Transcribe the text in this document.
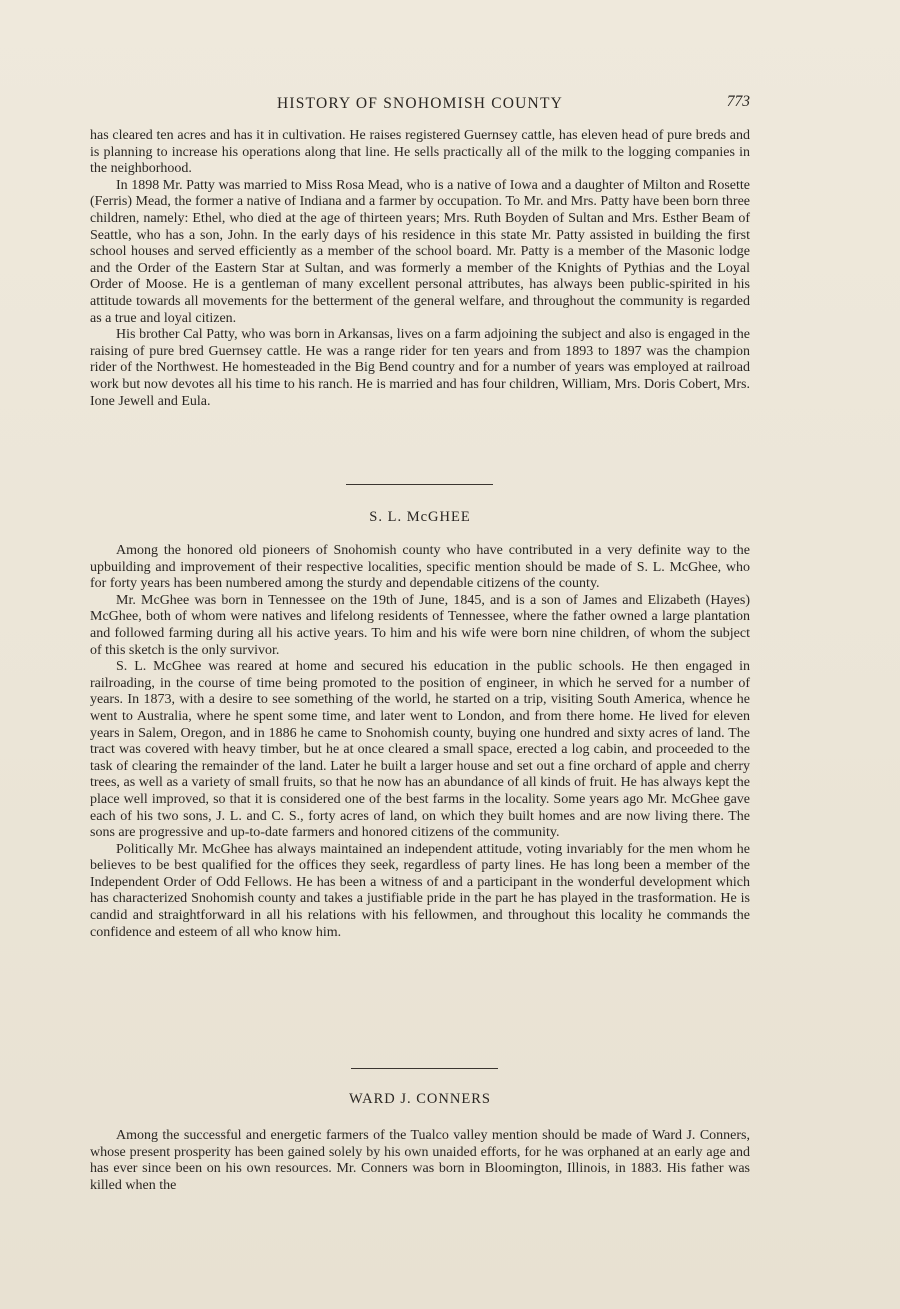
HISTORY OF SNOHOMISH COUNTY	773

has cleared ten acres and has it in cultivation. He raises registered Guernsey cattle, has eleven head of pure breds and is planning to increase his operations along that line. He sells practically all of the milk to the logging companies in the neighborhood.

In 1898 Mr. Patty was married to Miss Rosa Mead, who is a native of Iowa and a daughter of Milton and Rosette (Ferris) Mead, the former a native of Indiana and a farmer by occupation. To Mr. and Mrs. Patty have been born three children, namely: Ethel, who died at the age of thirteen years; Mrs. Ruth Boyden of Sultan and Mrs. Esther Beam of Seattle, who has a son, John. In the early days of his residence in this state Mr. Patty assisted in building the first school houses and served efficiently as a member of the school board. Mr. Patty is a member of the Masonic lodge and the Order of the Eastern Star at Sultan, and was formerly a member of the Knights of Pythias and the Loyal Order of Moose. He is a gentleman of many excellent personal attributes, has always been public-spirited in his attitude towards all movements for the betterment of the general welfare, and throughout the community is regarded as a true and loyal citizen.

His brother Cal Patty, who was born in Arkansas, lives on a farm adjoining the subject and also is engaged in the raising of pure bred Guernsey cattle. He was a range rider for ten years and from 1893 to 1897 was the champion rider of the Northwest. He homesteaded in the Big Bend country and for a number of years was employed at railroad work but now devotes all his time to his ranch. He is married and has four children, William, Mrs. Doris Cobert, Mrs. Ione Jewell and Eula.

S. L. McGHEE

Among the honored old pioneers of Snohomish county who have contributed in a very definite way to the upbuilding and improvement of their respective localities, specific mention should be made of S. L. McGhee, who for forty years has been numbered among the sturdy and dependable citizens of the county.

Mr. McGhee was born in Tennessee on the 19th of June, 1845, and is a son of James and Elizabeth (Hayes) McGhee, both of whom were natives and lifelong residents of Tennessee, where the father owned a large plantation and followed farming during all his active years. To him and his wife were born nine children, of whom the subject of this sketch is the only survivor.

S. L. McGhee was reared at home and secured his education in the public schools. He then engaged in railroading, in the course of time being promoted to the position of engineer, in which he served for a number of years. In 1873, with a desire to see something of the world, he started on a trip, visiting South America, whence he went to Australia, where he spent some time, and later went to London, and from there home. He lived for eleven years in Salem, Oregon, and in 1886 he came to Snohomish county, buying one hundred and sixty acres of land. The tract was covered with heavy timber, but he at once cleared a small space, erected a log cabin, and proceeded to the task of clearing the remainder of the land. Later he built a larger house and set out a fine orchard of apple and cherry trees, as well as a variety of small fruits, so that he now has an abundance of all kinds of fruit. He has always kept the place well improved, so that it is considered one of the best farms in the locality. Some years ago Mr. McGhee gave each of his two sons, J. L. and C. S., forty acres of land, on which they built homes and are now living there. The sons are progressive and up-to-date farmers and honored citizens of the community.

Politically Mr. McGhee has always maintained an independent attitude, voting invariably for the men whom he believes to be best qualified for the offices they seek, regardless of party lines. He has long been a member of the Independent Order of Odd Fellows. He has been a witness of and a participant in the wonderful development which has characterized Snohomish county and takes a justifiable pride in the part he has played in the trasformation. He is candid and straightforward in all his relations with his fellowmen, and throughout this locality he commands the confidence and esteem of all who know him.

WARD J. CONNERS

Among the successful and energetic farmers of the Tualco valley mention should be made of Ward J. Conners, whose present prosperity has been gained solely by his own unaided efforts, for he was orphaned at an early age and has ever since been on his own resources. Mr. Conners was born in Bloomington, Illinois, in 1883. His father was killed when the
